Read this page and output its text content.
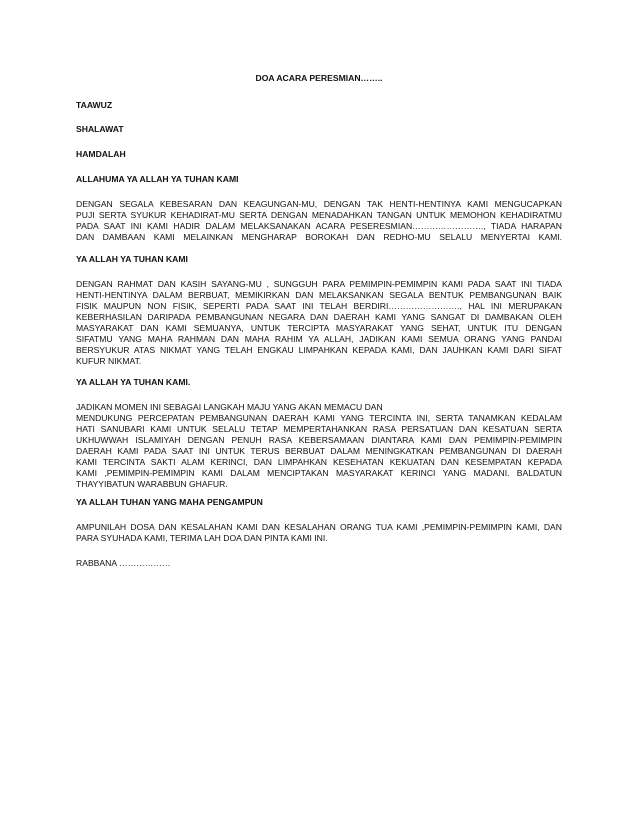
DOA ACARA PERESMIAN……..
TAAWUZ
SHALAWAT
HAMDALAH
ALLAHUMA YA ALLAH YA TUHAN KAMI
DENGAN SEGALA KEBESARAN DAN KEAGUNGAN-MU, DENGAN TAK HENTI-HENTINYA KAMI MENGUCAPKAN
PUJI SERTA SYUKUR KEHADIRAT-MU SERTA DENGAN MENADAHKAN TANGAN UNTUK MEMOHON KEHADIRATMU
PADA SAAT INI KAMI HADIR DALAM MELAKSANAKAN ACARA PESERESMIAN……………………., TIADA HARAPAN
DAN DAMBAAN KAMI MELAINKAN MENGHARAP BOROKAH DAN REDHO-MU SELALU MENYERTAI KAMI.
YA ALLAH YA TUHAN KAMI
DENGAN RAHMAT DAN KASIH SAYANG-MU , SUNGGUH PARA PEMIMPIN-PEMIMPIN KAMI PADA SAAT INI TIADA
HENTI-HENTINYA DALAM BERBUAT, MEMIKIRKAN DAN MELAKSANKAN SEGALA BENTUK PEMBANGUNAN BAIK
FISIK MAUPUN NON FISIK, SEPERTI PADA SAAT INI TELAH BERDIRI……………………., HAL INI MERUPAKAN
KEBERHASILAN DARIPADA PEMBANGUNAN NEGARA DAN DAERAH KAMI YANG SANGAT DI DAMBAKAN OLEH
MASYARAKAT DAN KAMI SEMUANYA, UNTUK TERCIPTA MASYARAKAT YANG SEHAT, UNTUK ITU DENGAN
SIFATMU YANG MAHA RAHMAN DAN MAHA RAHIM YA ALLAH, JADIKAN KAMI SEMUA ORANG YANG PANDAI
BERSYUKUR ATAS NIKMAT YANG TELAH ENGKAU LIMPAHKAN KEPADA KAMI, DAN JAUHKAN KAMI DARI SIFAT
KUFUR NIKMAT.
YA ALLAH YA TUHAN KAMI.
JADIKAN MOMEN INI SEBAGAI LANGKAH MAJU YANG AKAN MEMACU DAN
MENDUKUNG PERCEPATAN PEMBANGUNAN DAERAH KAMI YANG TERCINTA INI, SERTA TANAMKAN KEDALAM
HATI SANUBARI KAMI UNTUK SELALU TETAP MEMPERTAHANKAN RASA PERSATUAN DAN KESATUAN SERTA
UKHUWWAH ISLAMIYAH DENGAN PENUH RASA KEBERSAMAAN DIANTARA KAMI DAN PEMIMPIN-PEMIMPIN
DAERAH KAMI PADA SAAT INI UNTUK TERUS BERBUAT DALAM MENINGKATKAN PEMBANGUNAN DI DAERAH
KAMI TERCINTA SAKTI ALAM KERINCI, DAN LIMPAHKAN KESEHATAN KEKUATAN DAN KESEMPATAN KEPADA
KAMI ,PEMIMPIN-PEMIMPIN KAMI DALAM MENCIPTAKAN MASYARAKAT KERINCI YANG MADANI. BALDATUN
THAYYIBATUN WARABBUN GHAFUR.
YA ALLAH TUHAN YANG MAHA PENGAMPUN
AMPUNILAH DOSA DAN KESALAHAN KAMI DAN KESALAHAN ORANG TUA KAMI ,PEMIMPIN-PEMIMPIN KAMI, DAN
PARA SYUHADA KAMI, TERIMA LAH DOA DAN PINTA KAMI INI.
RABBANA ………………
